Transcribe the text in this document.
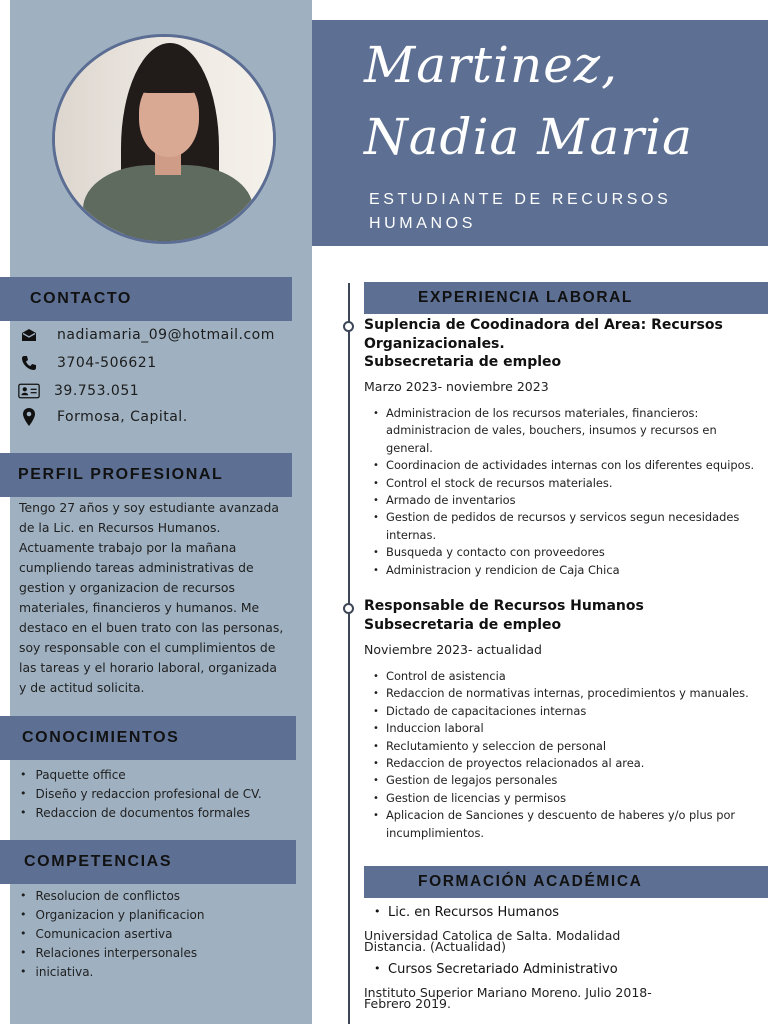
CONTACTO
nadiamaria_09@hotmail.com
3704-506621
39.753.051
Formosa, Capital.
PERFIL PROFESIONAL

Tengo 27 años y soy estudiante avanzada de la Lic. en Recursos Humanos. Actuamente trabajo por la mañana cumpliendo tareas administrativas de gestion y organizacion de recursos materiales, financieros y humanos. Me destaco en el buen trato con las personas, soy responsable con el cumplimientos de las tareas y el horario laboral, organizada y de actitud solicita.

CONOCIMIENTOS
• Paquette office
• Diseño y redaccion profesional de CV.
• Redaccion de documentos formales
COMPETENCIAS
• Resolucion de conflictos
• Organizacion y planificacion
• Comunicacion asertiva
• Relaciones interpersonales
• iniciativa.
Martinez,
Nadia Maria
ESTUDIANTE DE RECURSOS HUMANOS
EXPERIENCIA LABORAL
Suplencia de Coodinadora del Area: Recursos Organizacionales.
Subsecretaria de empleo
Marzo 2023- noviembre 2023
• Administracion de los recursos materiales, financieros: administracion de vales, bouchers, insumos y recursos en general.
• Coordinacion de actividades internas con los diferentes equipos.
• Control el stock de recursos materiales.
• Armado de inventarios
• Gestion de pedidos de recursos y servicos segun necesidades internas.
• Busqueda y contacto con proveedores
• Administracion y rendicion de Caja Chica
Responsable de Recursos Humanos
Subsecretaria de empleo
Noviembre 2023- actualidad
• Control de asistencia
• Redaccion de normativas internas, procedimientos y manuales.
• Dictado de capacitaciones internas
• Induccion laboral
• Reclutamiento y seleccion de personal
• Redaccion de proyectos relacionados al area.
• Gestion de legajos personales
• Gestion de licencias y permisos
• Aplicacion de Sanciones y descuento de haberes y/o plus por incumplimientos.
FORMACIÓN ACADÉMICA
• Lic. en Recursos Humanos
Universidad Catolica de Salta. Modalidad Distancia. (Actualidad)
• Cursos Secretariado Administrativo
Instituto Superior Mariano Moreno. Julio 2018- Febrero 2019.
